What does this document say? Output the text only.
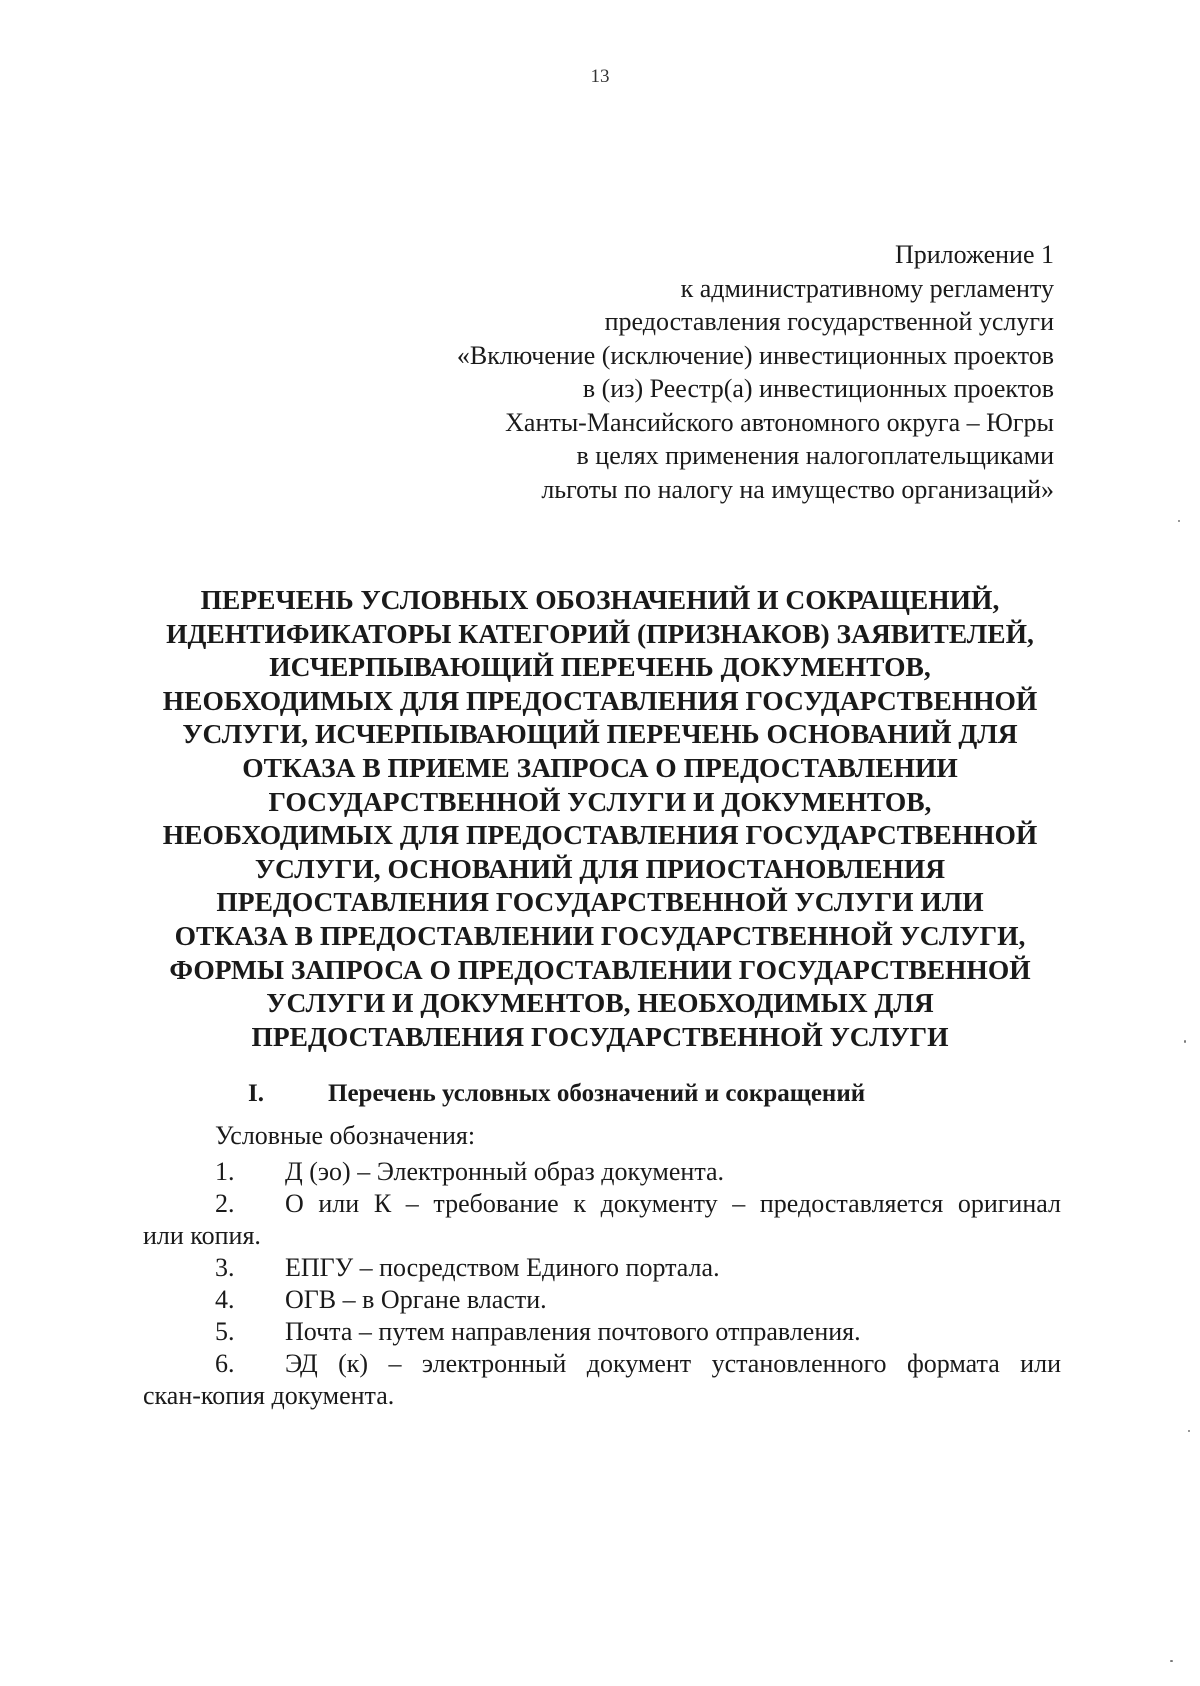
13
Приложение 1
к административному регламенту
предоставления государственной услуги
«Включение (исключение) инвестиционных проектов
в (из) Реестр(а) инвестиционных проектов
Ханты-Мансийского автономного округа – Югры
в целях применения налогоплательщиками
льготы по налогу на имущество организаций»
ПЕРЕЧЕНЬ УСЛОВНЫХ ОБОЗНАЧЕНИЙ И СОКРАЩЕНИЙ,
ИДЕНТИФИКАТОРЫ КАТЕГОРИЙ (ПРИЗНАКОВ) ЗАЯВИТЕЛЕЙ,
ИСЧЕРПЫВАЮЩИЙ ПЕРЕЧЕНЬ ДОКУМЕНТОВ,
НЕОБХОДИМЫХ ДЛЯ ПРЕДОСТАВЛЕНИЯ ГОСУДАРСТВЕННОЙ
УСЛУГИ, ИСЧЕРПЫВАЮЩИЙ ПЕРЕЧЕНЬ ОСНОВАНИЙ ДЛЯ
ОТКАЗА В ПРИЕМЕ ЗАПРОСА О ПРЕДОСТАВЛЕНИИ
ГОСУДАРСТВЕННОЙ УСЛУГИ И ДОКУМЕНТОВ,
НЕОБХОДИМЫХ ДЛЯ ПРЕДОСТАВЛЕНИЯ ГОСУДАРСТВЕННОЙ
УСЛУГИ, ОСНОВАНИЙ ДЛЯ ПРИОСТАНОВЛЕНИЯ
ПРЕДОСТАВЛЕНИЯ ГОСУДАРСТВЕННОЙ УСЛУГИ ИЛИ
ОТКАЗА В ПРЕДОСТАВЛЕНИИ ГОСУДАРСТВЕННОЙ УСЛУГИ,
ФОРМЫ ЗАПРОСА О ПРЕДОСТАВЛЕНИИ ГОСУДАРСТВЕННОЙ
УСЛУГИ И ДОКУМЕНТОВ, НЕОБХОДИМЫХ ДЛЯ
ПРЕДОСТАВЛЕНИЯ ГОСУДАРСТВЕННОЙ УСЛУГИ
I.	Перечень условных обозначений и сокращений
Условные обозначения:
1. Д (эо) – Электронный образ документа.
2. О или К – требование к документу – предоставляется оригинал
или копия.
3. ЕПГУ – посредством Единого портала.
4. ОГВ – в Органе власти.
5. Почта – путем направления почтового отправления.
6. ЭД (к) – электронный документ установленного формата или
скан-копия документа.
